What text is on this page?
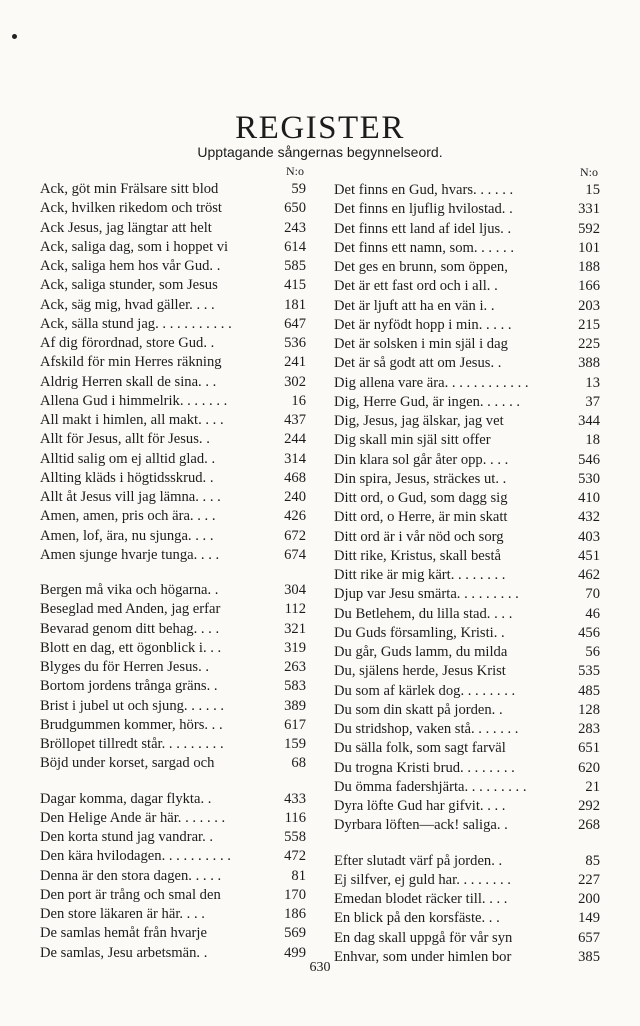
REGISTER
Upptagande sångernas begynnelseord.
N:o
Ack, göt min Frälsare sitt blod	59
Ack, hvilken rikedom och tröst	650
Ack Jesus, jag längtar att helt	243
Ack, saliga dag, som i hoppet vi	614
Ack, saliga hem hos vår Gud. .	585
Ack, saliga stunder, som Jesus	415
Ack, säg mig, hvad gäller. . . .	181
Ack, sälla stund jag. . . . . . . . . . .	647
Af dig förordnad, store Gud. .	536
Afskild för min Herres räkning	241
Aldrig Herren skall de sina. . .	302
Allena Gud i himmelrik. . . . . . .	16
All makt i himlen, all makt. . . .	437
Allt för Jesus, allt för Jesus. .	244
Alltid salig om ej alltid glad. .	314
Allting kläds i högtidsskrud. .	468
Allt åt Jesus vill jag lämna. . . .	240
Amen, amen, pris och ära. . . .	426
Amen, lof, ära, nu sjunga. . . .	672
Amen sjunge hvarje tunga. . . .	674
Bergen må vika och högarna. .	304
Beseglad med Anden, jag erfar	112
Bevarad genom ditt behag. . . .	321
Blott en dag, ett ögonblick i. . .	319
Blyges du för Herren Jesus. .	263
Bortom jordens trånga gräns. .	583
Brist i jubel ut och sjung. . . . . .	389
Brudgummen kommer, hörs. . .	617
Bröllopet tillredt står. . . . . . . . .	159
Böjd under korset, sargad och	68
Dagar komma, dagar flykta. .	433
Den Helige Ande är här. . . . . . .	116
Den korta stund jag vandrar. .	558
Den kära hvilodagen. . . . . . . . . .	472
Denna är den stora dagen. . . . .	81
Den port är trång och smal den	170
Den store läkaren är här. . . .	186
De samlas hemåt från hvarje	569
De samlas, Jesu arbetsmän. .	499
N:o
Det finns en Gud, hvars. . . . . .	15
Det finns en ljuflig hvilostad. .	331
Det finns ett land af idel ljus. .	592
Det finns ett namn, som. . . . . .	101
Det ges en brunn, som öppen,	188
Det är ett fast ord och i all. .	166
Det är ljuft att ha en vän i. .	203
Det är nyfödt hopp i min. . . . .	215
Det är solsken i min själ i dag	225
Det är så godt att om Jesus. .	388
Dig allena vare ära. . . . . . . . . . . .	13
Dig, Herre Gud, är ingen. . . . . .	37
Dig, Jesus, jag älskar, jag vet	344
Dig skall min själ sitt offer	18
Din klara sol går åter opp. . . .	546
Din spira, Jesus, sträckes ut. .	530
Ditt ord, o Gud, som dagg sig	410
Ditt ord, o Herre, är min skatt	432
Ditt ord är i vår nöd och sorg	403
Ditt rike, Kristus, skall bestå	451
Ditt rike är mig kärt. . . . . . . .	462
Djup var Jesu smärta. . . . . . . . .	70
Du Betlehem, du lilla stad. . . .	46
Du Guds församling, Kristi. .	456
Du går, Guds lamm, du milda	56
Du, själens herde, Jesus Krist	535
Du som af kärlek dog. . . . . . . .	485
Du som din skatt på jorden. .	128
Du stridshop, vaken stå. . . . . . .	283
Du sälla folk, som sagt farväl	651
Du trogna Kristi brud. . . . . . . .	620
Du ömma fadershjärta. . . . . . . . .	21
Dyra löfte Gud har gifvit. . . .	292
Dyrbara löften—ack! saliga. .	268
Efter slutadt värf på jorden. .	85
Ej silfver, ej guld har. . . . . . . .	227
Emedan blodet räcker till. . . .	200
En blick på den korsfäste. . .	149
En dag skall uppgå för vår syn	657
Enhvar, som under himlen bor	385
630
